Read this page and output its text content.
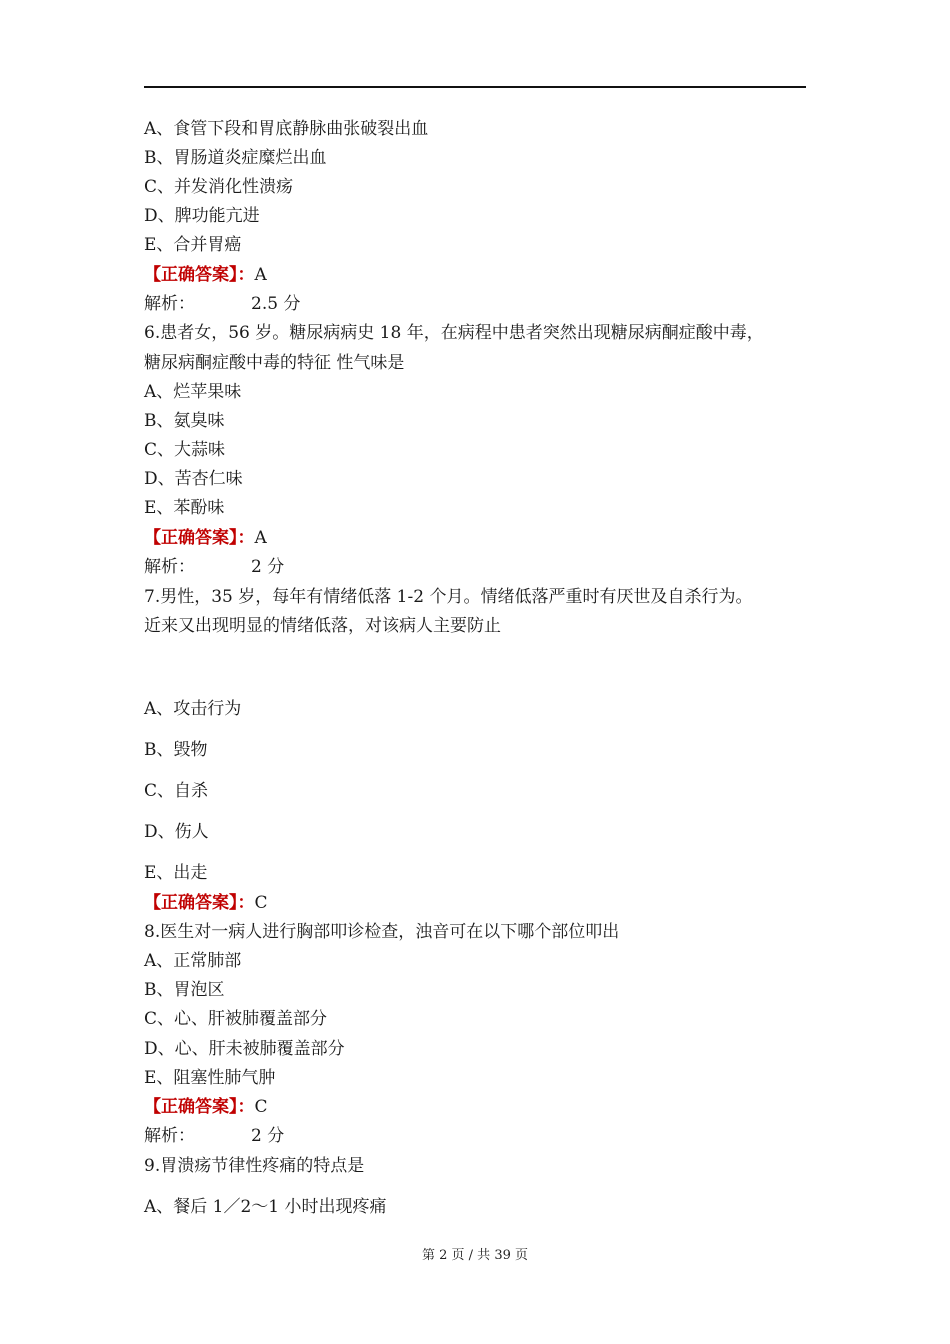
A、食管下段和胃底静脉曲张破裂出血
B、胃肠道炎症糜烂出血
C、并发消化性溃疡
D、脾功能亢进
E、合并胃癌
【正确答案】：A
解析：	2.5 分
6.患者女，56 岁。糖尿病病史 18 年，在病程中患者突然出现糖尿病酮症酸中毒，
糖尿病酮症酸中毒的特征 性气味是
A、烂苹果味
B、氨臭味
C、大蒜味
D、苦杏仁味
E、苯酚味
【正确答案】：A
解析：	2 分
7.男性，35 岁，每年有情绪低落 1-2 个月。情绪低落严重时有厌世及自杀行为。
近来又出现明显的情绪低落，对该病人主要防止
A、攻击行为
B、毁物
C、自杀
D、伤人
E、出走
【正确答案】：C
8.医生对一病人进行胸部叩诊检查，浊音可在以下哪个部位叩出
A、正常肺部
B、胃泡区
C、心、肝被肺覆盖部分
D、心、肝未被肺覆盖部分
E、阻塞性肺气肿
【正确答案】：C
解析：	2 分
9.胃溃疡节律性疼痛的特点是
A、餐后 1／2～1 小时出现疼痛
第 2 页 / 共 39 页
